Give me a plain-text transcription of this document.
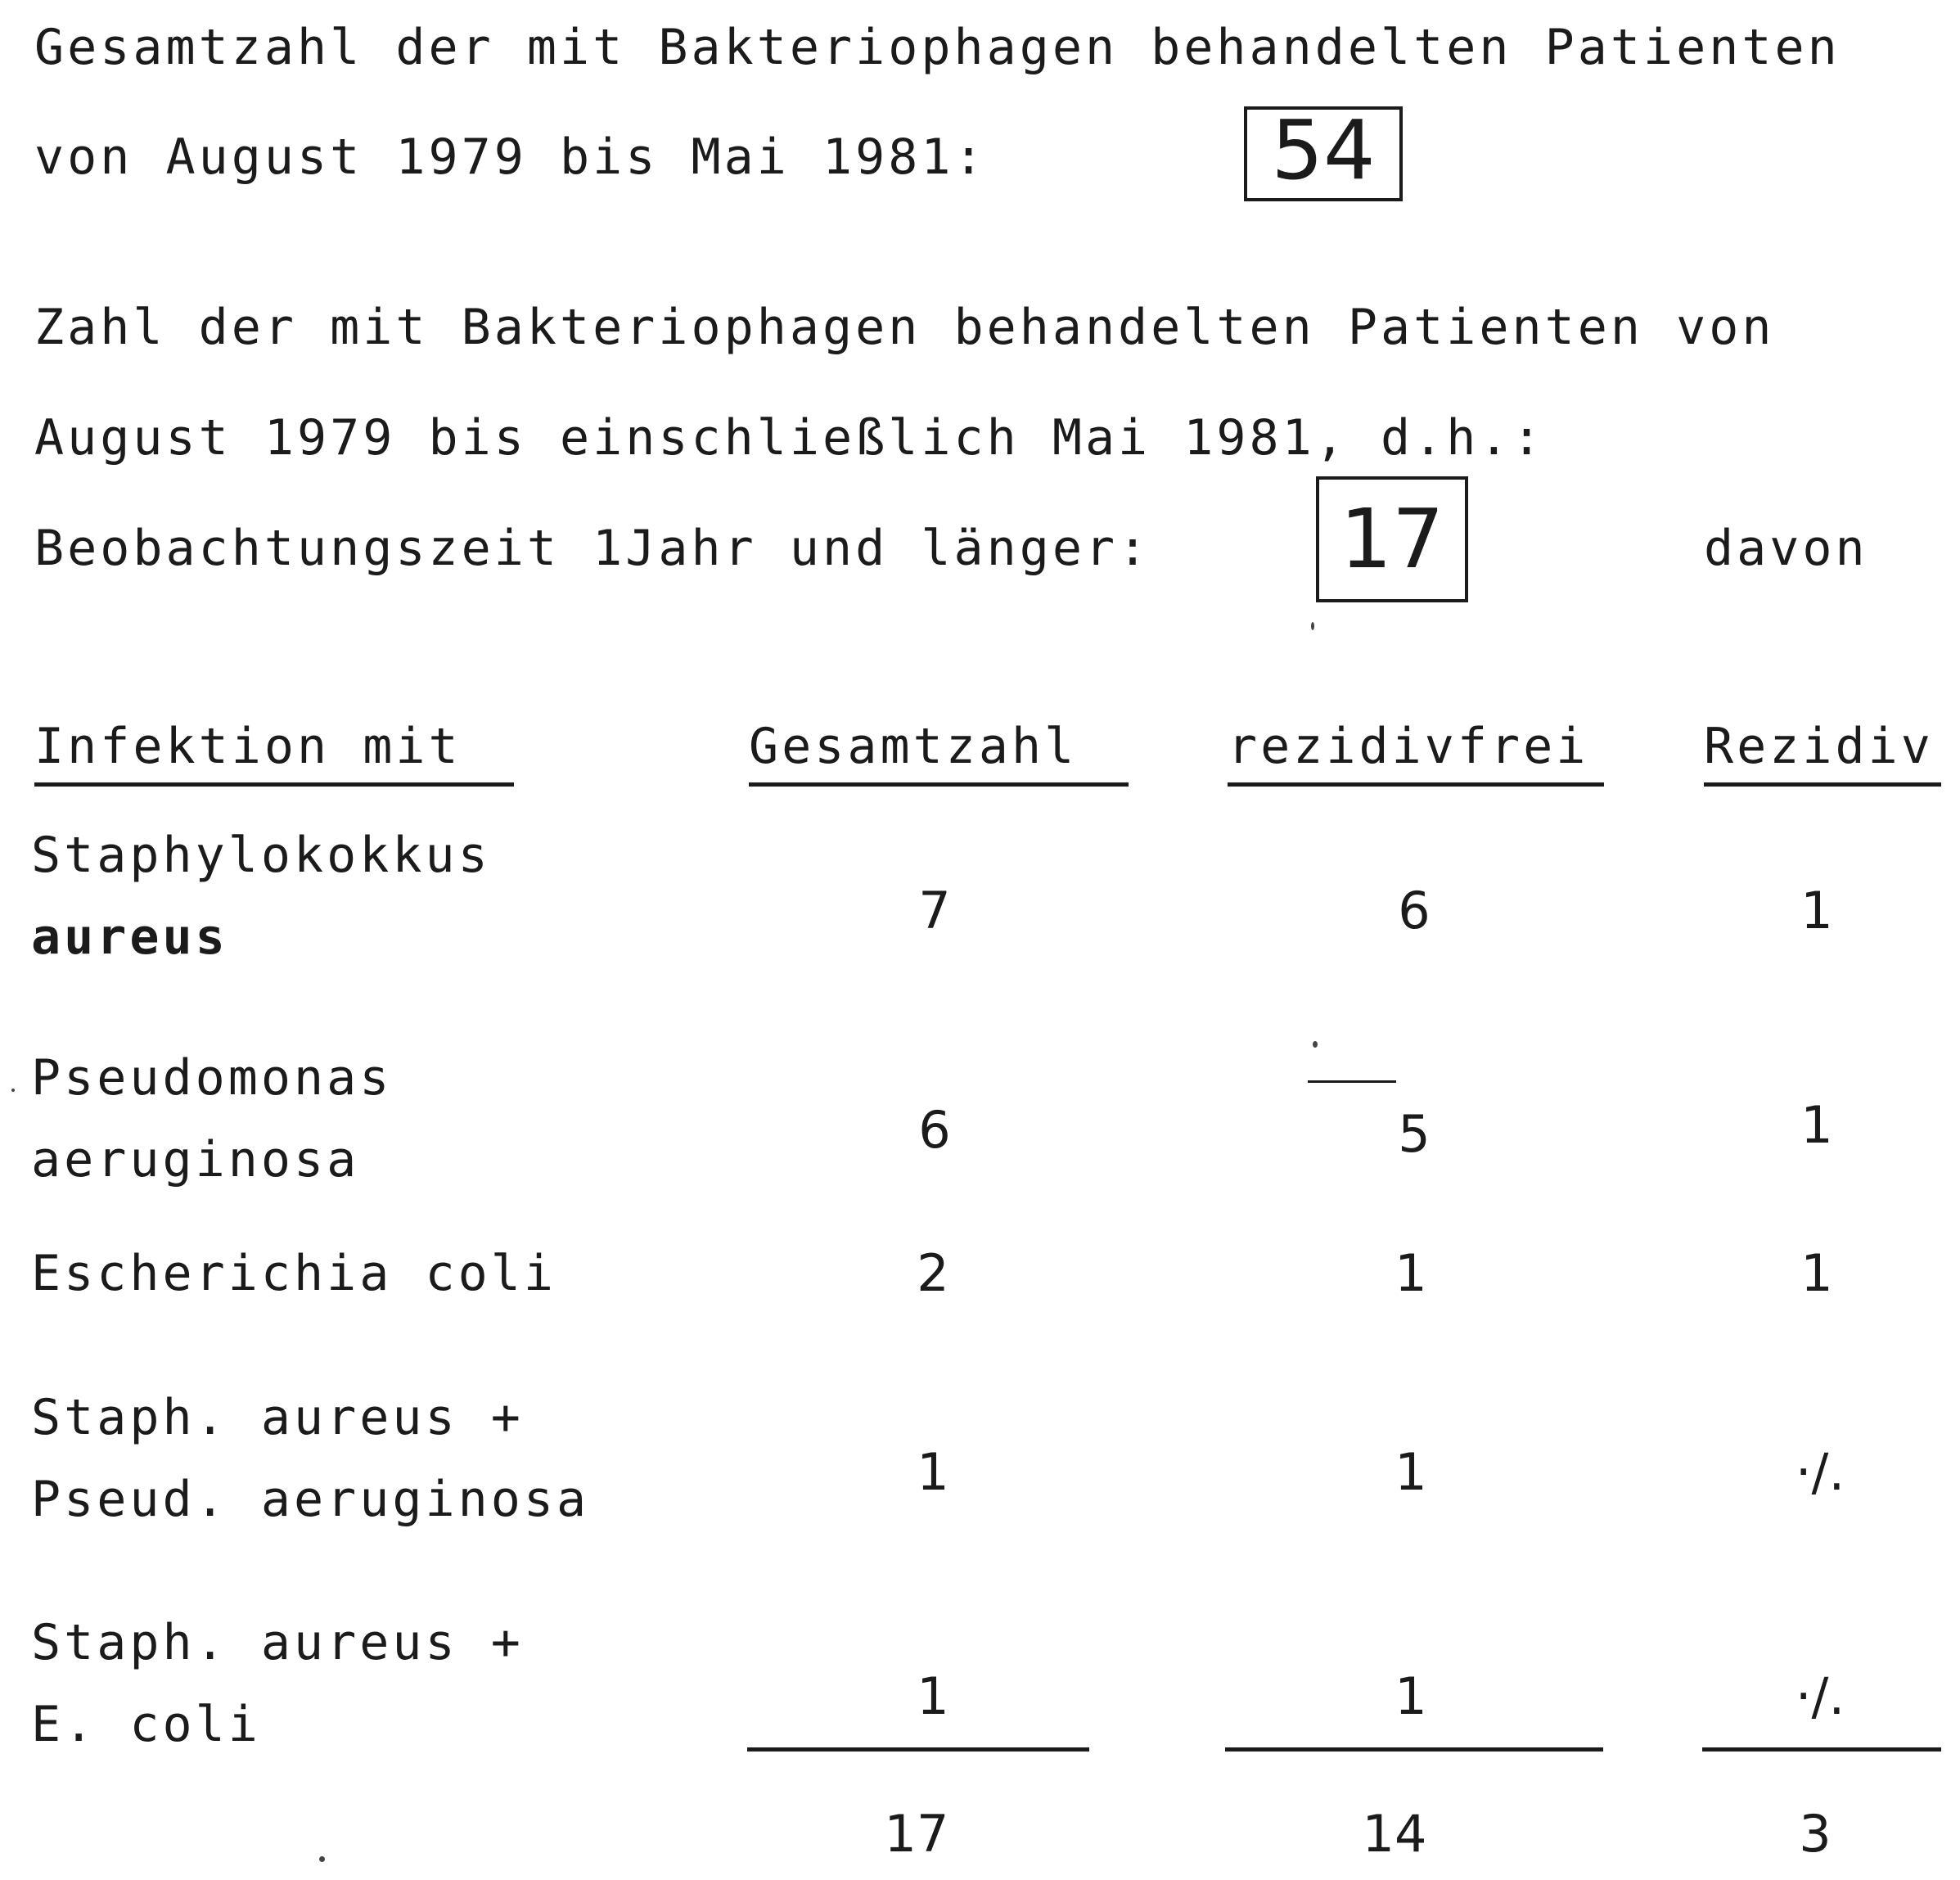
Gesamtzahl der mit Bakteriophagen behandelten Patienten
von August 1979 bis Mai 1981:	54
Zahl der mit Bakteriophagen behandelten Patienten von
August 1979 bis einschließlich Mai 1981, d.h.:
Beobachtungszeit 1Jahr und länger: 17	davon
Infektion mit	Gesamtzahl	rezidivfrei	Rezidiv
Staphylokokkus
aureus	7	6	1
Pseudomonas
aeruginosa	6	5	1
Escherichia coli	2	1	1
Staph. aureus +
Pseud. aeruginosa	1	1	·/.
Staph. aureus +
E. coli	1	1	·/.
17	14	3
